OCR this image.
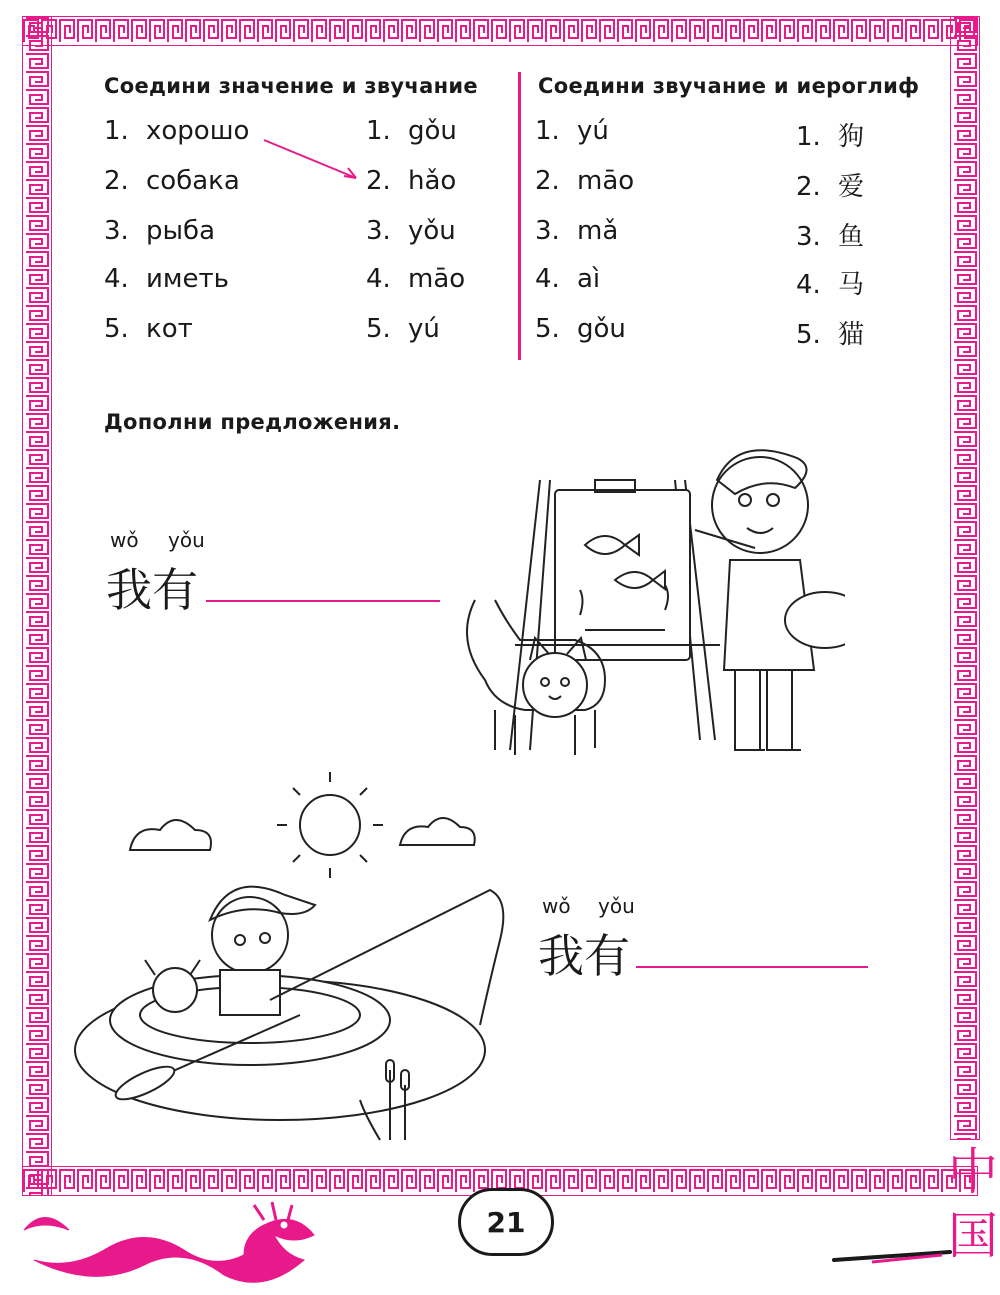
Соедини значение и звучание
1. хорошо
2. собака
3. рыба
4. иметь
5. кот
1. gǒu
2. hǎo
3. yǒu
4. māo
5. yú
Соедини звучание и иероглиф
1. yú
2. māo
3. mǎ
4. aì
5. gǒu
1. 狗
2. 爱
3. 鱼
4. 马
5. 猫
Дополни предложения.
wǒ yǒu
我有
wǒ yǒu
我有
21
中
国
